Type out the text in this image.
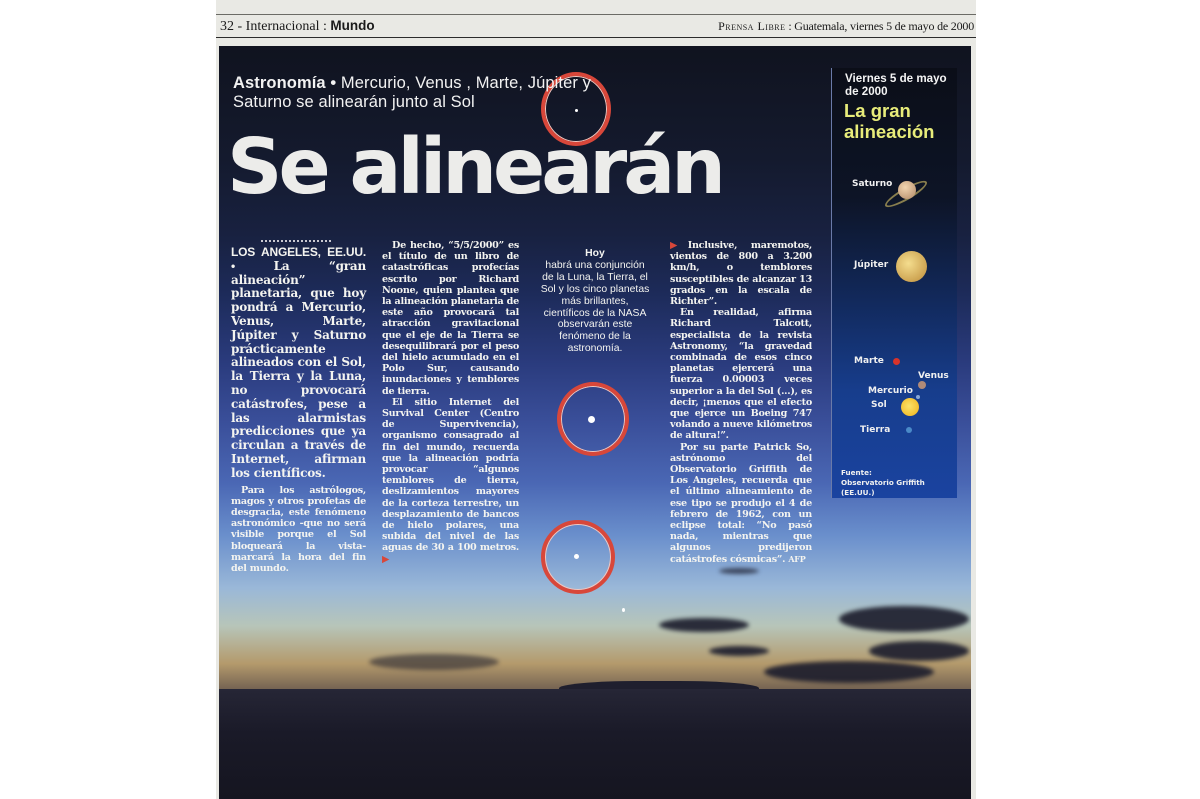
32 - Internacional : Mundo	Prensa Libre : Guatemala, viernes 5 de mayo de 2000
Astronomía • Mercurio, Venus , Marte, Júpiter y Saturno se alinearán junto al Sol
Se alinearán

LOS ANGELES, EE.UU. • La “gran alineación” planetaria, que hoy pondrá a Mercurio, Venus, Marte, Júpiter y Saturno prácticamente alineados con el Sol, la Tierra y la Luna, no provocará catástrofes, pese a las alarmistas predicciones que ya circulan a través de Internet, afirman los científicos.

Para los astrólogos, magos y otros profetas de desgracia, este fenómeno astronómico -que no será visible porque el Sol bloqueará la vista- marcará la hora del fin del mundo.

De hecho, “5/5/2000” es el título de un libro de catastróficas profecías escrito por Richard Noone, quien plantea que la alineación planetaria de este año provocará tal atracción gravitacional que el eje de la Tierra se desequilibrará por el peso del hielo acumulado en el Polo Sur, causando inundaciones y temblores de tierra.

El sitio Internet del Survival Center (Centro de Supervivencia), organismo consagrado al fin del mundo, recuerda que la alineación podría provocar “algunos temblores de tierra, deslizamientos mayores de la corteza terrestre, un desplazamiento de bancos de hielo polares, una subida del nivel de las aguas de 30 a 100 metros. ▶

Hoy
habrá una conjunción de la Luna, la Tierra, el Sol y los cinco planetas más brillantes, científicos de la NASA observarán este fenómeno de la astronomía.

▶Inclusive, maremotos, vientos de 800 a 3.200 km/h, o temblores susceptibles de alcanzar 13 grados en la escala de Richter”.

En realidad, afirma Richard Talcott, especialista de la revista Astronomy, “la gravedad combinada de esos cinco planetas ejercerá una fuerza 0.00003 veces superior a la del Sol (...), es decir, ¡menos que el efecto que ejerce un Boeing 747 volando a nueve kilómetros de altura!”.

Por su parte Patrick So, astrónomo del Observatorio Griffith de Los Angeles, recuerda que el último alineamiento de ese tipo se produjo el 4 de febrero de 1962, con un eclipse total: “No pasó nada, mientras que algunos predijeron catástrofes cósmicas”. AFP

Viernes 5 de mayo de 2000
La gran alineación
Saturno
Júpiter
Marte
Venus
Mercurio
Sol
Tierra
Fuente:
Observatorio Griffith (EE.UU.)
